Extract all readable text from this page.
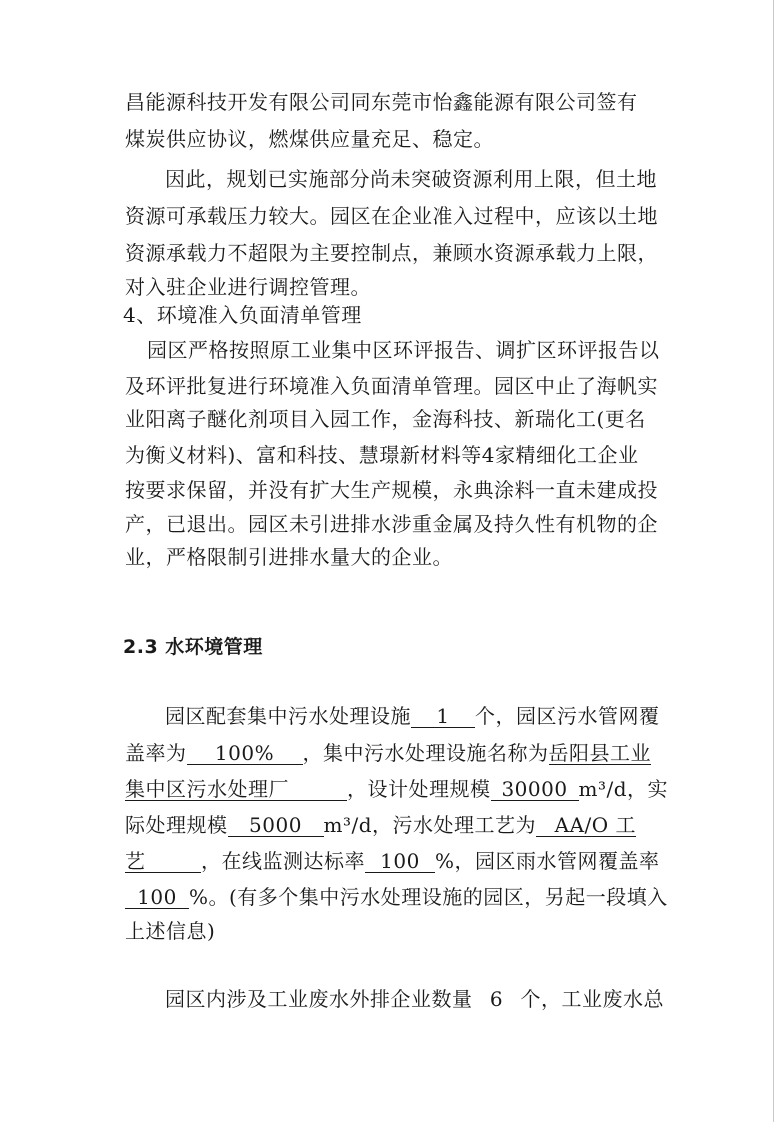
昌能源科技开发有限公司同东莞市怡鑫能源有限公司签有
煤炭供应协议，燃煤供应量充足、稳定。
因此，规划已实施部分尚未突破资源利用上限，但土地
资源可承载压力较大。园区在企业准入过程中，应该以土地
资源承载力不超限为主要控制点，兼顾水资源承载力上限，
对入驻企业进行调控管理。
4、环境准入负面清单管理
园区严格按照原工业集中区环评报告、调扩区环评报告以
及环评批复进行环境准入负面清单管理。园区中止了海帆实
业阳离子醚化剂项目入园工作，金海科技、新瑞化工(更名
为衡义材料)、富和科技、慧璟新材料等4家精细化工企业
按要求保留，并没有扩大生产规模，永典涂料一直未建成投
产，已退出。园区未引进排水涉重金属及持久性有机物的企
业，严格限制引进排水量大的企业。
2.3 水环境管理
园区配套集中污水处理设施 1 个，园区污水管网覆
盖率为 100% ，集中污水处理设施名称为岳阳县工业
集中区污水处理厂	，设计处理规模 30000 m³/d，实
际处理规模 5000 m³/d，污水处理工艺为 AA/O 工
艺	，在线监测达标率 100 %，园区雨水管网覆盖率
100 %。(有多个集中污水处理设施的园区，另起一段填入
上述信息)
园区内涉及工业废水外排企业数量 6 个，工业废水总
